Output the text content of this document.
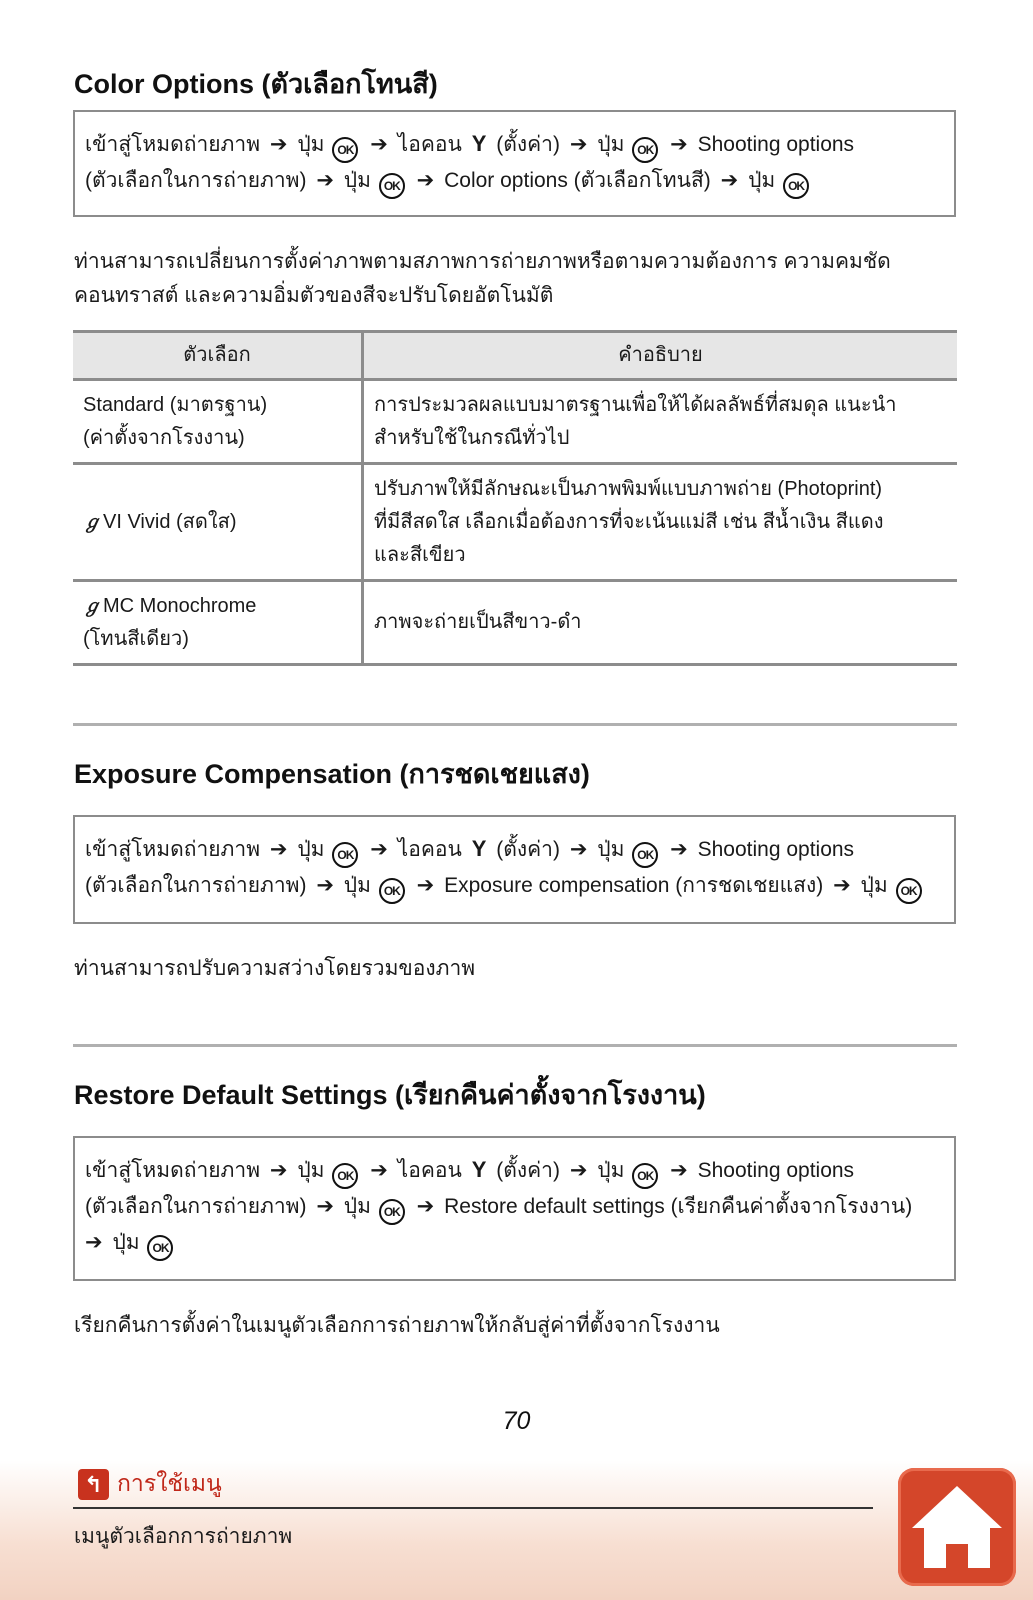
Color Options (ตัวเลือกโทนสี)
เข้าสู่โหมดถ่ายภาพ ➔ ปุ่ม OK ➔ ไอคอน Y (ตั้งค่า) ➔ ปุ่ม OK ➔ Shooting options
(ตัวเลือกในการถ่ายภาพ) ➔ ปุ่ม OK ➔ Color options (ตัวเลือกโทนสี) ➔ ปุ่ม OK

ท่านสามารถเปลี่ยนการตั้งค่าภาพตามสภาพการถ่ายภาพหรือตามความต้องการ ความคมชัด
คอนทราสต์ และความอิ่มตัวของสีจะปรับโดยอัตโนมัติ

ตัวเลือก	คำอธิบาย
Standard (มาตรฐาน)
(ค่าตั้งจากโรงงาน)
การประมวลผลแบบมาตรฐานเพื่อให้ได้ผลลัพธ์ที่สมดุล แนะนำ
สำหรับใช้ในกรณีทั่วไป
ℊ VI Vivid (สดใส)
ปรับภาพให้มีลักษณะเป็นภาพพิมพ์แบบภาพถ่าย (Photoprint)
ที่มีสีสดใส เลือกเมื่อต้องการที่จะเน้นแม่สี เช่น สีน้ำเงิน สีแดง
และสีเขียว
ℊ MC Monochrome
(โทนสีเดียว)
ภาพจะถ่ายเป็นสีขาว-ดำ
Exposure Compensation (การชดเชยแสง)
เข้าสู่โหมดถ่ายภาพ ➔ ปุ่ม OK ➔ ไอคอน Y (ตั้งค่า) ➔ ปุ่ม OK ➔ Shooting options
(ตัวเลือกในการถ่ายภาพ) ➔ ปุ่ม OK ➔ Exposure compensation (การชดเชยแสง) ➔ ปุ่ม OK

ท่านสามารถปรับความสว่างโดยรวมของภาพ

Restore Default Settings (เรียกคืนค่าตั้งจากโรงงาน)
เข้าสู่โหมดถ่ายภาพ ➔ ปุ่ม OK ➔ ไอคอน Y (ตั้งค่า) ➔ ปุ่ม OK ➔ Shooting options
(ตัวเลือกในการถ่ายภาพ) ➔ ปุ่ม OK ➔ Restore default settings (เรียกคืนค่าตั้งจากโรงงาน)
➔ ปุ่ม OK

เรียกคืนการตั้งค่าในเมนูตัวเลือกการถ่ายภาพให้กลับสู่ค่าที่ตั้งจากโรงงาน

70
↰ การใช้เมนู
เมนูตัวเลือกการถ่ายภาพ
